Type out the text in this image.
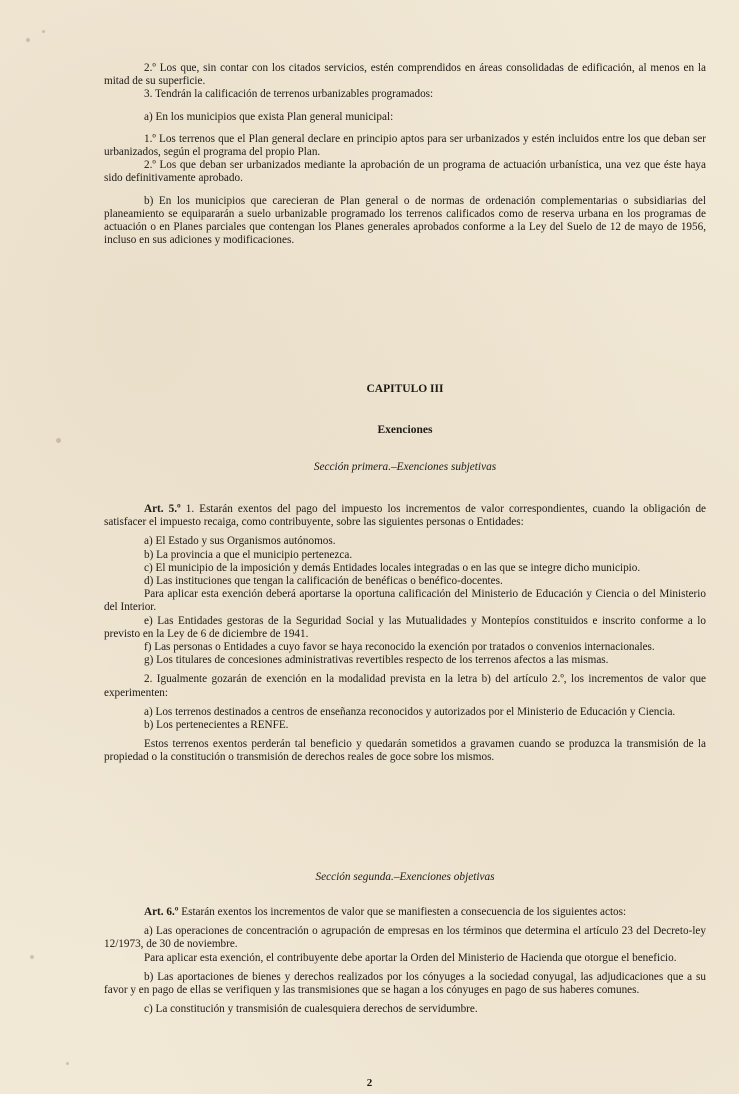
2.º Los que, sin contar con los citados servicios, estén comprendidos en áreas consolidadas de edificación, al menos en la mitad de su superficie.

3. Tendrán la calificación de terrenos urbanizables programados:

a) En los municipios que exista Plan general municipal:

1.º Los terrenos que el Plan general declare en principio aptos para ser urbanizados y estén incluidos entre los que deban ser urbanizados, según el programa del propio Plan.

2.º Los que deban ser urbanizados mediante la aprobación de un programa de actuación urbanística, una vez que éste haya sido definitivamente aprobado.

b) En los municipios que carecieran de Plan general o de normas de ordenación complementarias o subsidiarias del planeamiento se equipararán a suelo urbanizable programado los terrenos calificados como de reserva urbana en los programas de actuación o en Planes parciales que contengan los Planes generales aprobados conforme a la Ley del Suelo de 12 de mayo de 1956, incluso en sus adiciones y modificaciones.

CAPITULO III
Exenciones
Sección primera.–Exenciones subjetivas

Art. 5.º 1. Estarán exentos del pago del impuesto los incrementos de valor correspondientes, cuando la obligación de satisfacer el impuesto recaiga, como contribuyente, sobre las siguientes personas o Entidades:

a) El Estado y sus Organismos autónomos.

b) La provincia a que el municipio pertenezca.

c) El municipio de la imposición y demás Entidades locales integradas o en las que se integre dicho municipio.

d) Las instituciones que tengan la calificación de benéficas o benéfico-docentes.

Para aplicar esta exención deberá aportarse la oportuna calificación del Ministerio de Educación y Ciencia o del Ministerio del Interior.

e) Las Entidades gestoras de la Seguridad Social y las Mutualidades y Montepíos constituidos e inscrito conforme a lo previsto en la Ley de 6 de diciembre de 1941.

f) Las personas o Entidades a cuyo favor se haya reconocido la exención por tratados o convenios internacionales.

g) Los titulares de concesiones administrativas revertibles respecto de los terrenos afectos a las mismas.

2. Igualmente gozarán de exención en la modalidad prevista en la letra b) del artículo 2.º, los incrementos de valor que experimenten:

a) Los terrenos destinados a centros de enseñanza reconocidos y autorizados por el Ministerio de Educación y Ciencia.

b) Los pertenecientes a RENFE.

Estos terrenos exentos perderán tal beneficio y quedarán sometidos a gravamen cuando se produzca la transmisión de la propiedad o la constitución o transmisión de derechos reales de goce sobre los mismos.

Sección segunda.–Exenciones objetivas

Art. 6.º Estarán exentos los incrementos de valor que se manifiesten a consecuencia de los siguientes actos:

a) Las operaciones de concentración o agrupación de empresas en los términos que determina el artículo 23 del Decreto-ley 12/1973, de 30 de noviembre.

Para aplicar esta exención, el contribuyente debe aportar la Orden del Ministerio de Hacienda que otorgue el beneficio.

b) Las aportaciones de bienes y derechos realizados por los cónyuges a la sociedad conyugal, las adjudicaciones que a su favor y en pago de ellas se verifiquen y las transmisiones que se hagan a los cónyuges en pago de sus haberes comunes.

c) La constitución y transmisión de cualesquiera derechos de servidumbre.

2
